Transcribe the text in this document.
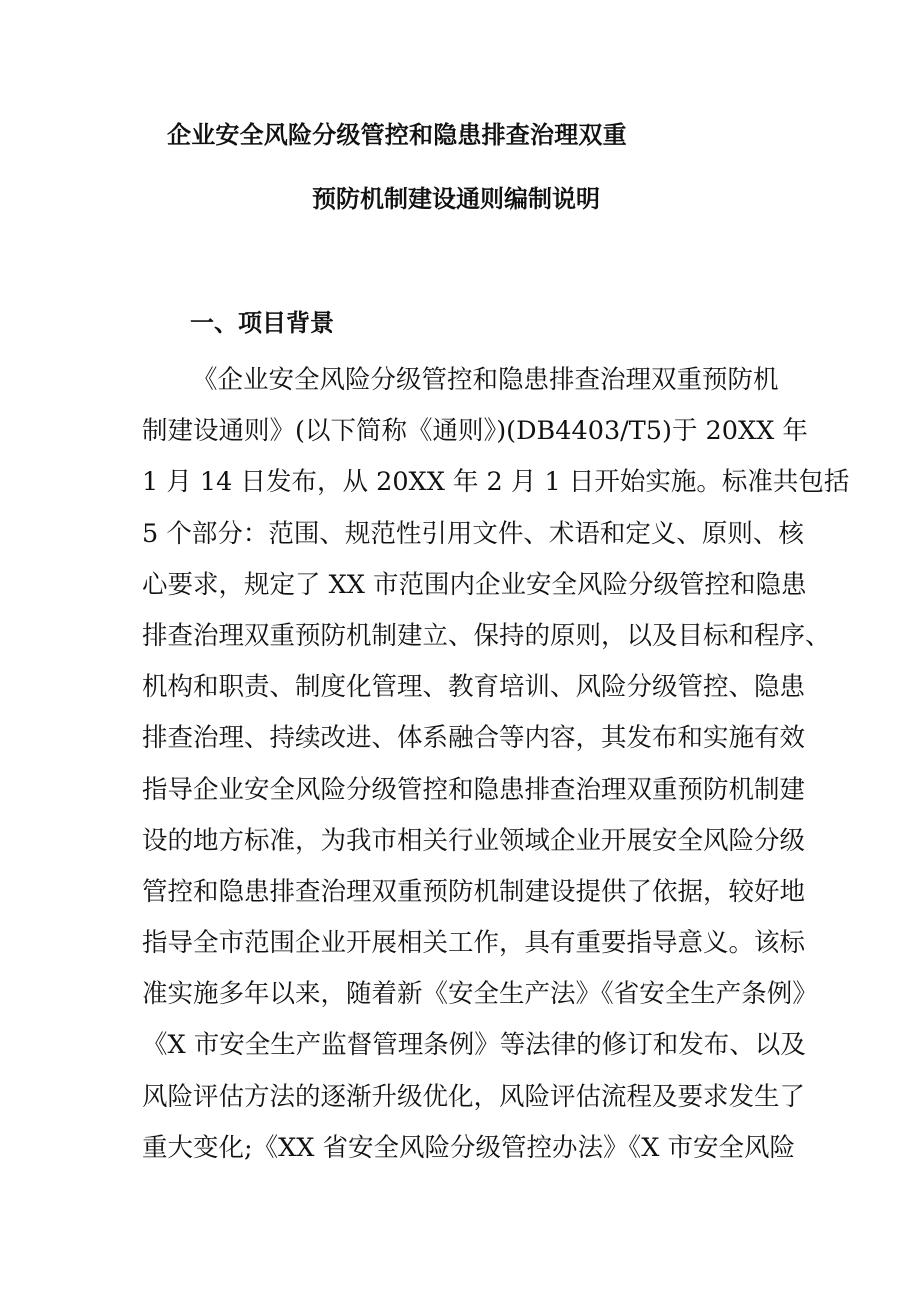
企业安全风险分级管控和隐患排查治理双重
预防机制建设通则编制说明
一、项目背景
《企业安全风险分级管控和隐患排查治理双重预防机
制建设通则》(以下简称《通则》)(DB4403/T5)于 20XX 年
1 月 14 日发布，从 20XX 年 2 月 1 日开始实施。标准共包括
5 个部分：范围、规范性引用文件、术语和定义、原则、核
心要求，规定了 XX 市范围内企业安全风险分级管控和隐患
排查治理双重预防机制建立、保持的原则，以及目标和程序、
机构和职责、制度化管理、教育培训、风险分级管控、隐患
排查治理、持续改进、体系融合等内容，其发布和实施有效
指导企业安全风险分级管控和隐患排查治理双重预防机制建
设的地方标准，为我市相关行业领域企业开展安全风险分级
管控和隐患排查治理双重预防机制建设提供了依据，较好地
指导全市范围企业开展相关工作，具有重要指导意义。该标
准实施多年以来，随着新《安全生产法》《省安全生产条例》
《X 市安全生产监督管理条例》等法律的修订和发布、以及
风险评估方法的逐渐升级优化，风险评估流程及要求发生了
重大变化;《XX 省安全风险分级管控办法》《X 市安全风险
